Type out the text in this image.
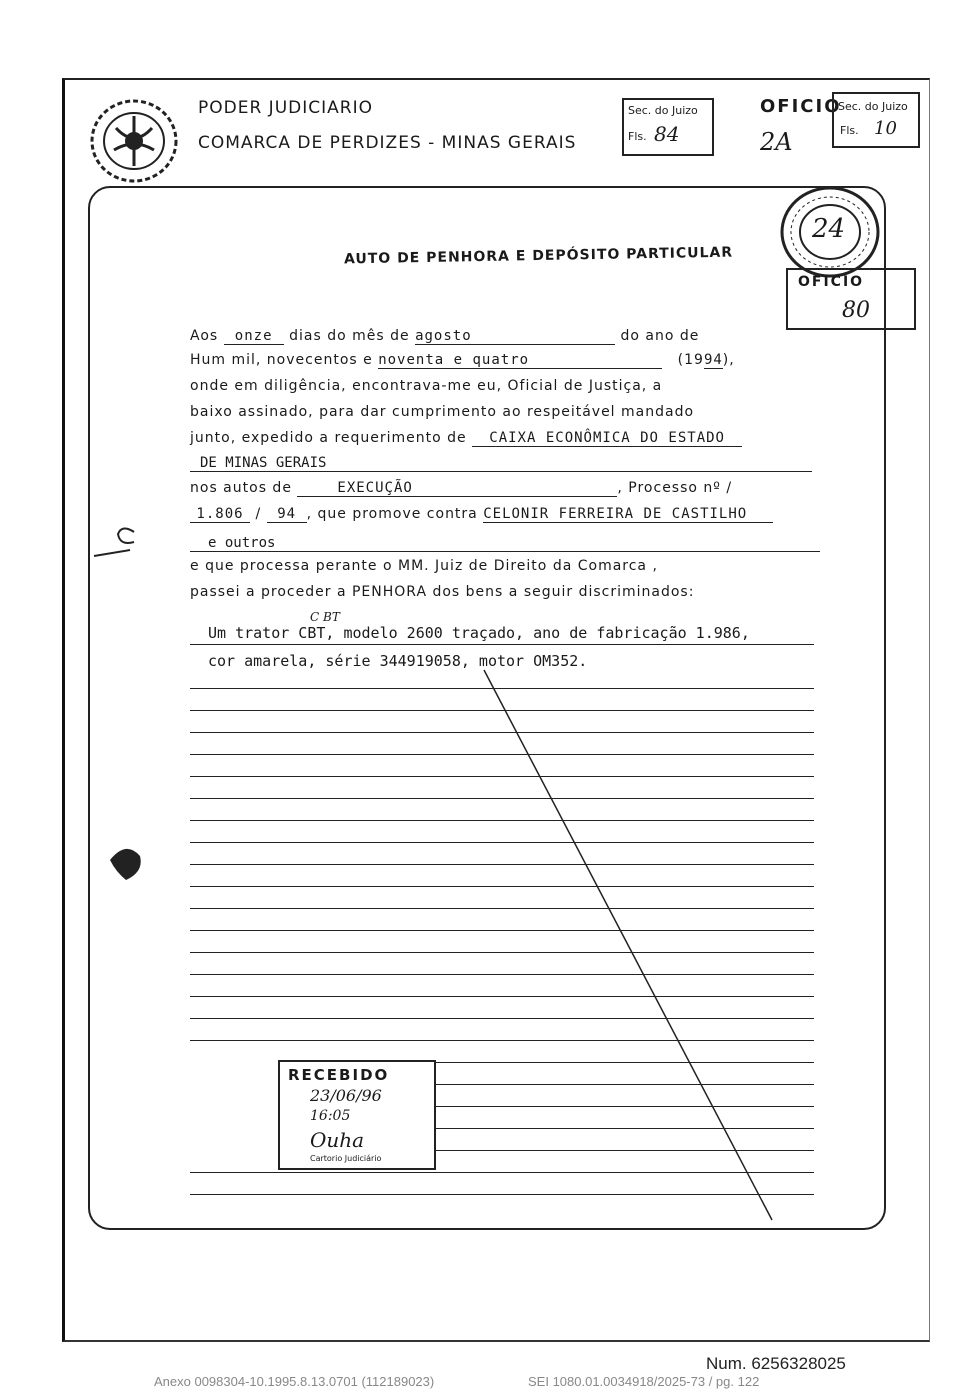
PODER JUDICIARIO
COMARCA DE PERDIZES - MINAS GERAIS
Sec. do Juizo
Fls. 84
OFICIO
2A
Sec. do Juizo
Fls. 10
24
OFICIO
80
AUTO DE PENHORA E DEPÓSITO PARTICULAR
Aos onze dias do mês de agosto	do ano de
Hum mil, novecentos e noventa e quatro	(1994),
onde em diligência, encontrava-me eu, Oficial de Justiça, a
baixo assinado, para dar cumprimento ao respeitável mandado
junto, expedido a requerimento de CAIXA ECONÔMICA DO ESTADO
DE MINAS GERAIS
nos autos de	EXECUÇÃO	, Processo nº /
1.806 / 94 , que promove contra CELONIR FERREIRA DE CASTILHO
e outros
e que processa perante o MM. Juiz de Direito da Comarca ,
passei a proceder a PENHORA dos bens a seguir discriminados:
C BT
Um trator CBT, modelo 2600 traçado, ano de fabricação 1.986,
cor amarela, série 344919058, motor OM352.
RECEBIDO
23/06/96
16:05
Ouha
Cartorio Judiciário
Num. 6256328025
Anexo 0098304-10.1995.8.13.0701 (112189023)	SEI 1080.01.0034918/2025-73 / pg. 122
